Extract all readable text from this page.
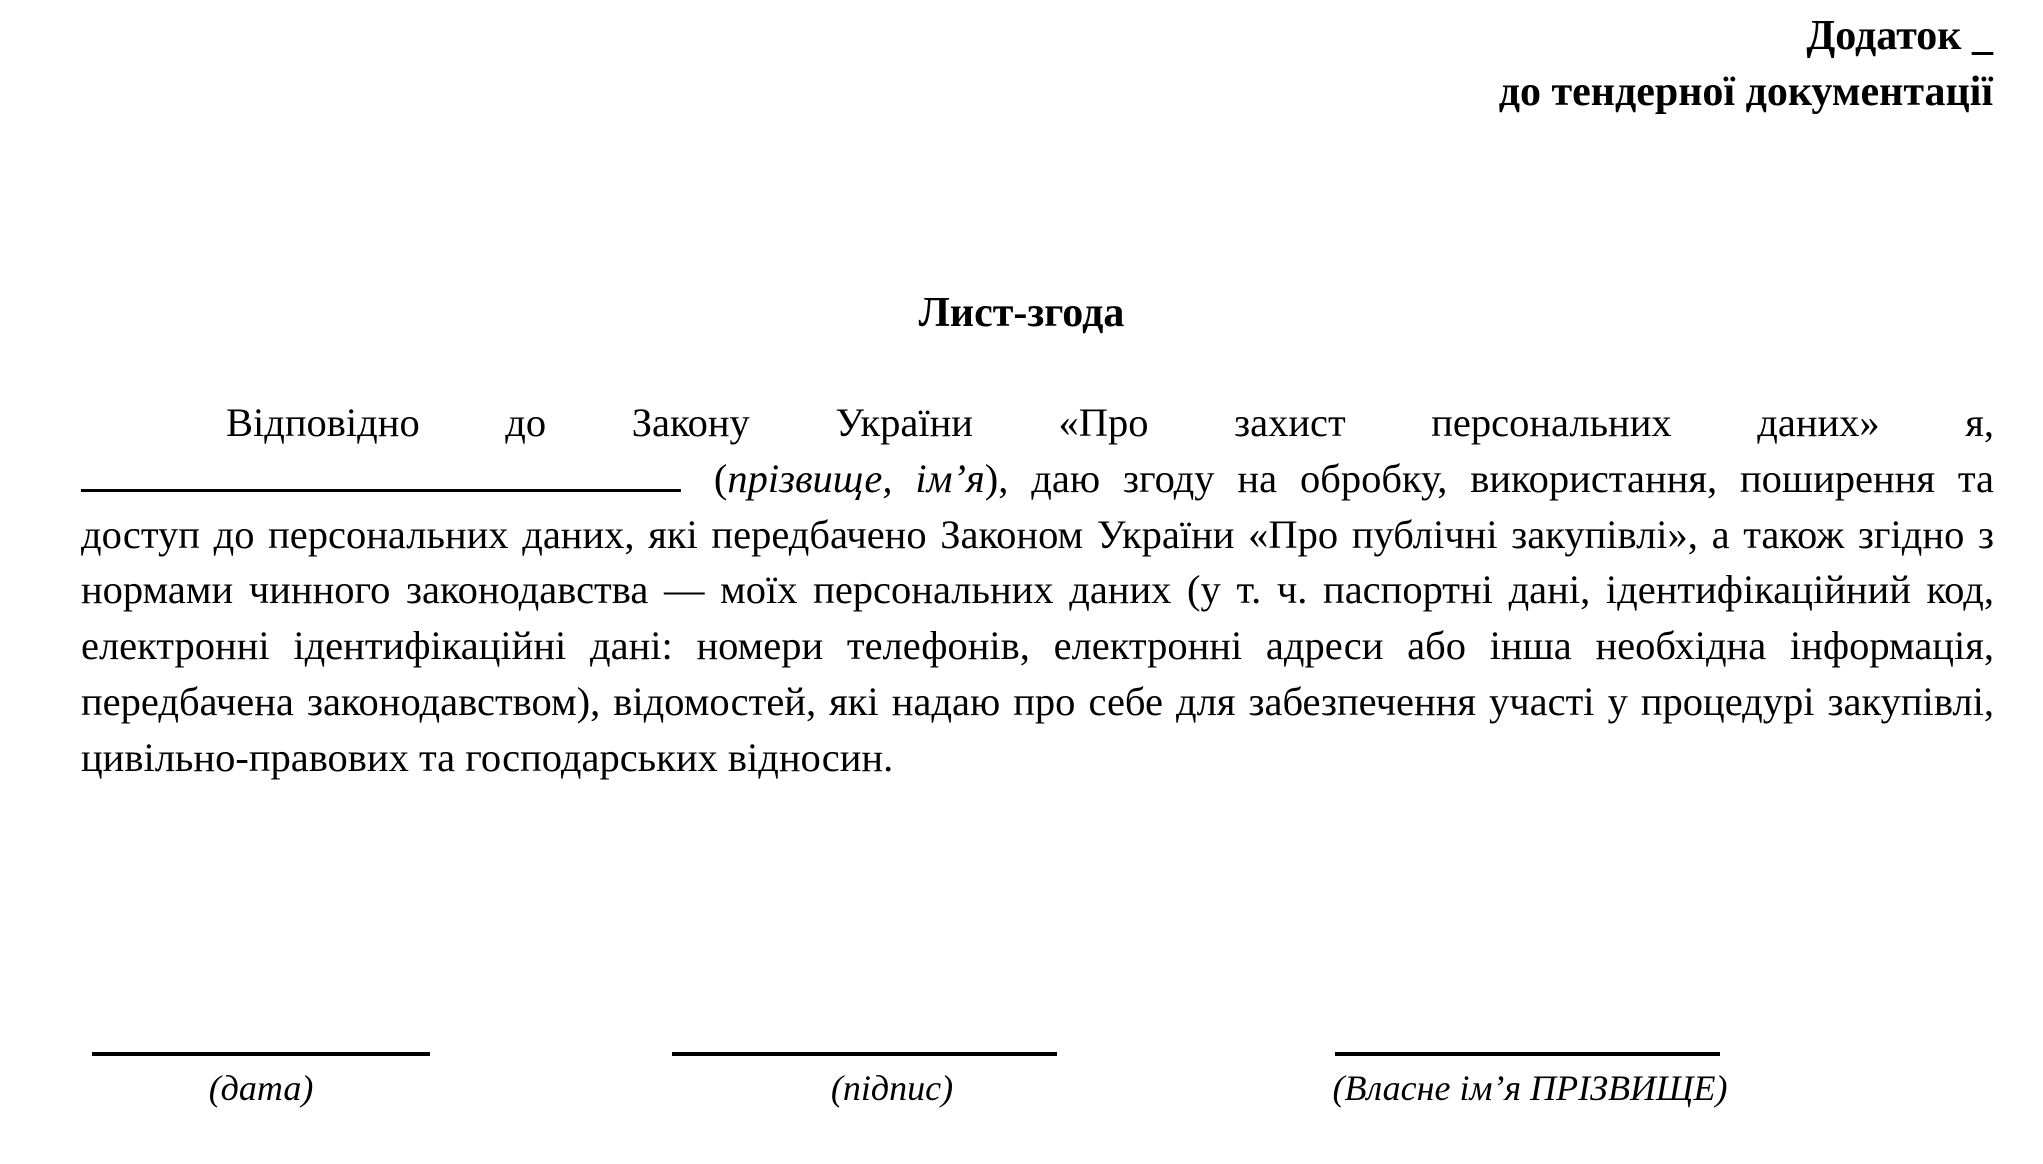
Додаток _
до тендерної документації
Лист-згода
Відповідно до Закону України «Про захист персональних даних» я,  (прізвище, ім’я), даю згоду на обробку, використання, поширення та доступ до персональних даних, які передбачено Законом України «Про публічні закупівлі», а також згідно з нормами чинного законодавства — моїх персональних даних (у т. ч. паспортні дані, ідентифікаційний код, електронні ідентифікаційні дані: номери телефонів, електронні адреси або інша необхідна інформація, передбачена законодавством), відомостей, які надаю про себе для забезпечення участі у процедурі закупівлі, цивільно-правових та господарських відносин.
(дата)	(підпис)	(Власне ім’я ПРІЗВИЩЕ)
